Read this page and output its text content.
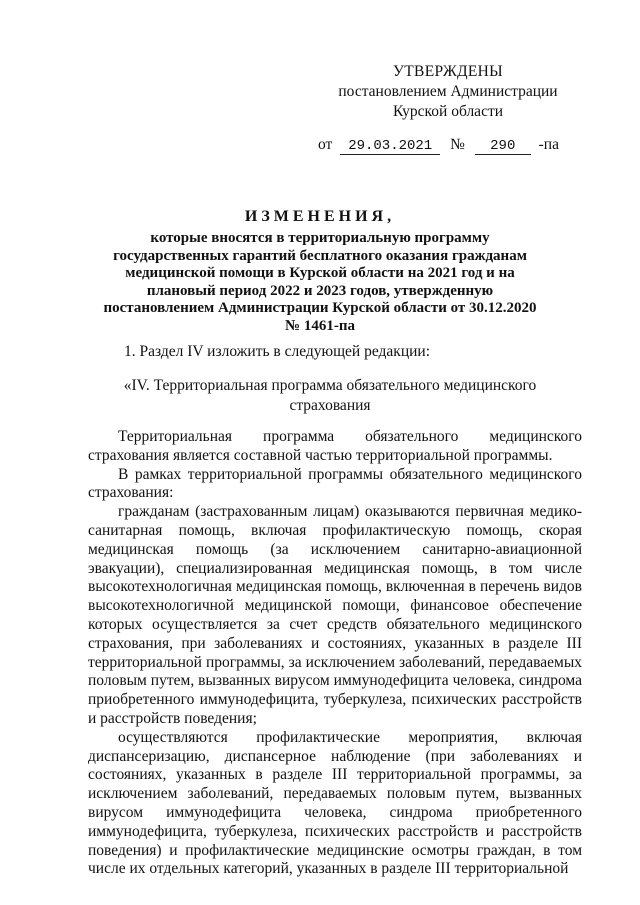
УТВЕРЖДЕНЫ
постановлением Администрации
Курской области
от 29.03.2021 № 290 -па
ИЗМЕНЕНИЯ,
которые вносятся в территориальную программу государственных гарантий бесплатного оказания гражданам медицинской помощи в Курской области на 2021 год и на плановый период 2022 и 2023 годов, утвержденную постановлением Администрации Курской области от 30.12.2020 № 1461-па
1. Раздел IV изложить в следующей редакции:
«IV. Территориальная программа обязательного медицинского страхования

Территориальная программа обязательного медицинского страхования является составной частью территориальной программы.

В рамках территориальной программы обязательного медицинского страхования:

гражданам (застрахованным лицам) оказываются первичная медико-санитарная помощь, включая профилактическую помощь, скорая медицинская помощь (за исключением санитарно-авиационной эвакуации), специализированная медицинская помощь, в том числе высокотехнологичная медицинская помощь, включенная в перечень видов высокотехнологичной медицинской помощи, финансовое обеспечение которых осуществляется за счет средств обязательного медицинского страхования, при заболеваниях и состояниях, указанных в разделе III территориальной программы, за исключением заболеваний, передаваемых половым путем, вызванных вирусом иммунодефицита человека, синдрома приобретенного иммунодефицита, туберкулеза, психических расстройств и расстройств поведения;

осуществляются профилактические мероприятия, включая диспансеризацию, диспансерное наблюдение (при заболеваниях и состояниях, указанных в разделе III территориальной программы, за исключением заболеваний, передаваемых половым путем, вызванных вирусом иммунодефицита человека, синдрома приобретенного иммунодефицита, туберкулеза, психических расстройств и расстройств поведения) и профилактические медицинские осмотры граждан, в том числе их отдельных категорий, указанных в разделе III территориальной
